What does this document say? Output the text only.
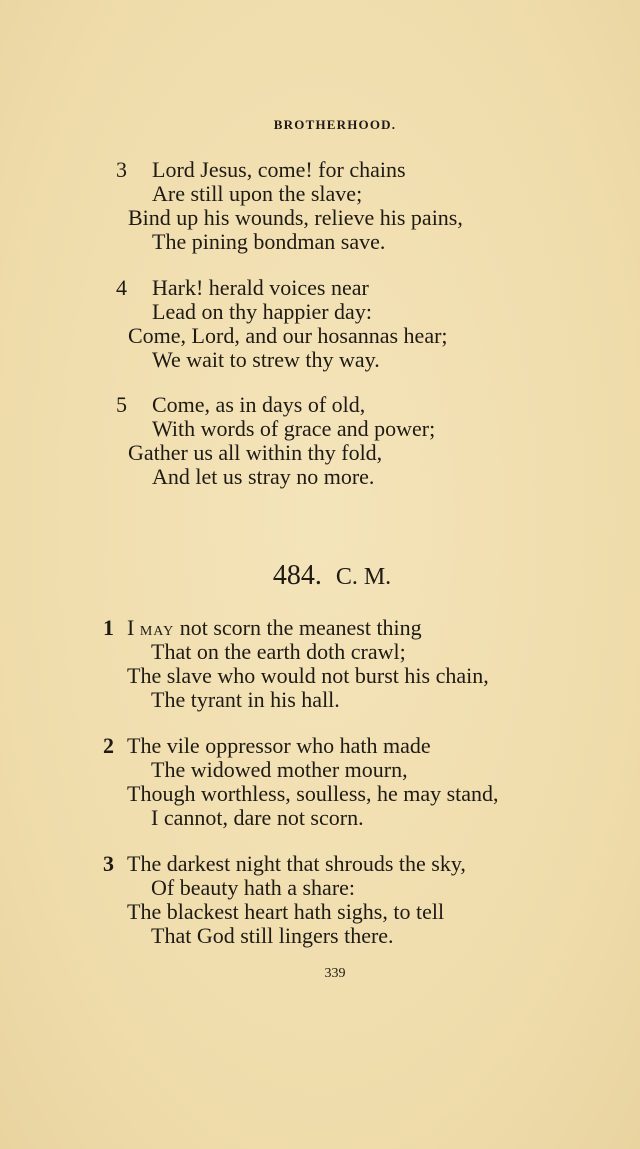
BROTHERHOOD.
3 Lord Jesus, come! for chains
Are still upon the slave;
Bind up his wounds, relieve his pains,
The pining bondman save.
4 Hark! herald voices near
Lead on thy happier day:
Come, Lord, and our hosannas hear;
We wait to strew thy way.
5 Come, as in days of old,
With words of grace and power;
Gather us all within thy fold,
And let us stray no more.
484. C. M.
1 I may not scorn the meanest thing
That on the earth doth crawl;
The slave who would not burst his chain,
The tyrant in his hall.
2 The vile oppressor who hath made
The widowed mother mourn,
Though worthless, soulless, he may stand,
I cannot, dare not scorn.
3 The darkest night that shrouds the sky,
Of beauty hath a share:
The blackest heart hath sighs, to tell
That God still lingers there.
339
